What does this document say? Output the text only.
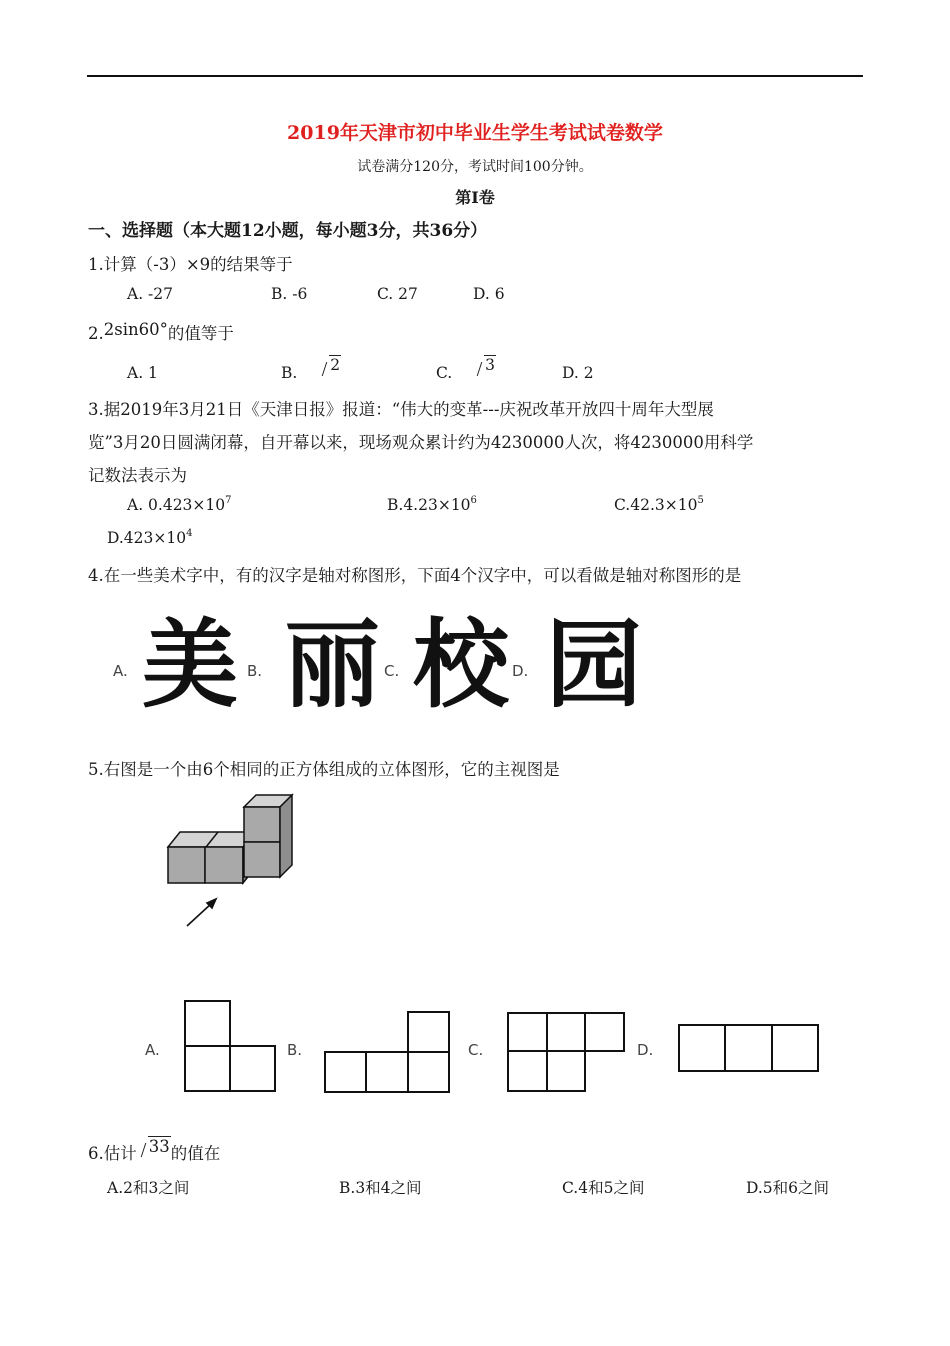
2019年天津市初中毕业生学生考试试卷数学
试卷满分120分，考试时间100分钟。
第Ⅰ卷
一、选择题（本大题12小题，每小题3分，共36分）
1.计算（-3）×9的结果等于
A. -27	B. -6	C. 27	D. 6
2.2sin60°的值等于
A. 1	B. 2	C. 3	D. 2
3.据2019年3月21日《天津日报》报道：“伟大的变革---庆祝改革开放四十周年大型展
览”3月20日圆满闭幕，自开幕以来，现场观众累计约为4230000人次，将4230000用科学
记数法表示为
A. $0.423\times 10^7$	$B.4.23\times 10^6$	$C.42.3\times 10^5$
$D.423\times 10^4$
4.在一些美术字中，有的汉字是轴对称图形，下面4个汉字中，可以看做是轴对称图形的是
A. 美 B. 丽 C. 校 D. 园
5.右图是一个由6个相同的正方体组成的立体图形，它的主视图是
A.	B.	C.	D.
6.估计 33的值在
A.2和3之间	B.3和4之间	C.4和5之间	D.5和6之间
